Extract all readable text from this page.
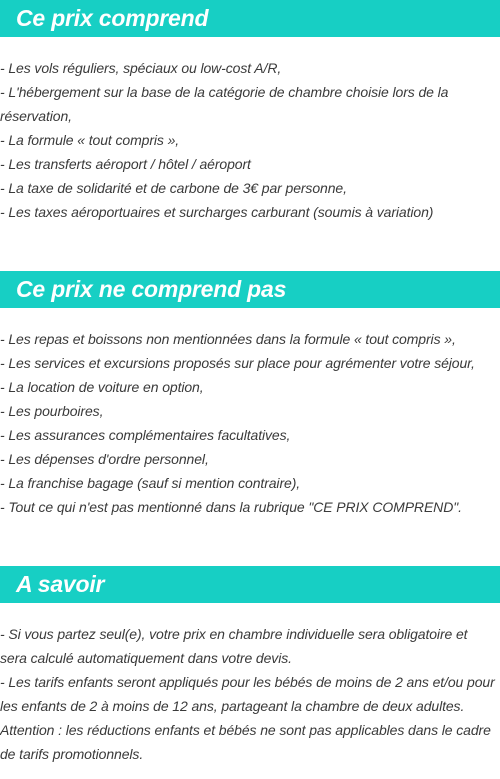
Ce prix comprend
- Les vols réguliers, spéciaux ou low-cost A/R,
- L'hébergement sur la base de la catégorie de chambre choisie lors de la
réservation,
- La formule « tout compris »,
- Les transferts aéroport / hôtel / aéroport
- La taxe de solidarité et de carbone de 3€ par personne,
- Les taxes aéroportuaires et surcharges carburant (soumis à variation)
Ce prix ne comprend pas
- Les repas et boissons non mentionnées dans la formule « tout compris »,
- Les services et excursions proposés sur place pour agrémenter votre séjour,
- La location de voiture en option,
- Les pourboires,
- Les assurances complémentaires facultatives,
- Les dépenses d'ordre personnel,
- La franchise bagage (sauf si mention contraire),
- Tout ce qui n'est pas mentionné dans la rubrique "CE PRIX COMPREND".
A savoir
- Si vous partez seul(e), votre prix en chambre individuelle sera obligatoire et
sera calculé automatiquement dans votre devis.
- Les tarifs enfants seront appliqués pour les bébés de moins de 2 ans et/ou pour
les enfants de 2 à moins de 12 ans, partageant la chambre de deux adultes.
Attention : les réductions enfants et bébés ne sont pas applicables dans le cadre
de tarifs promotionnels.
